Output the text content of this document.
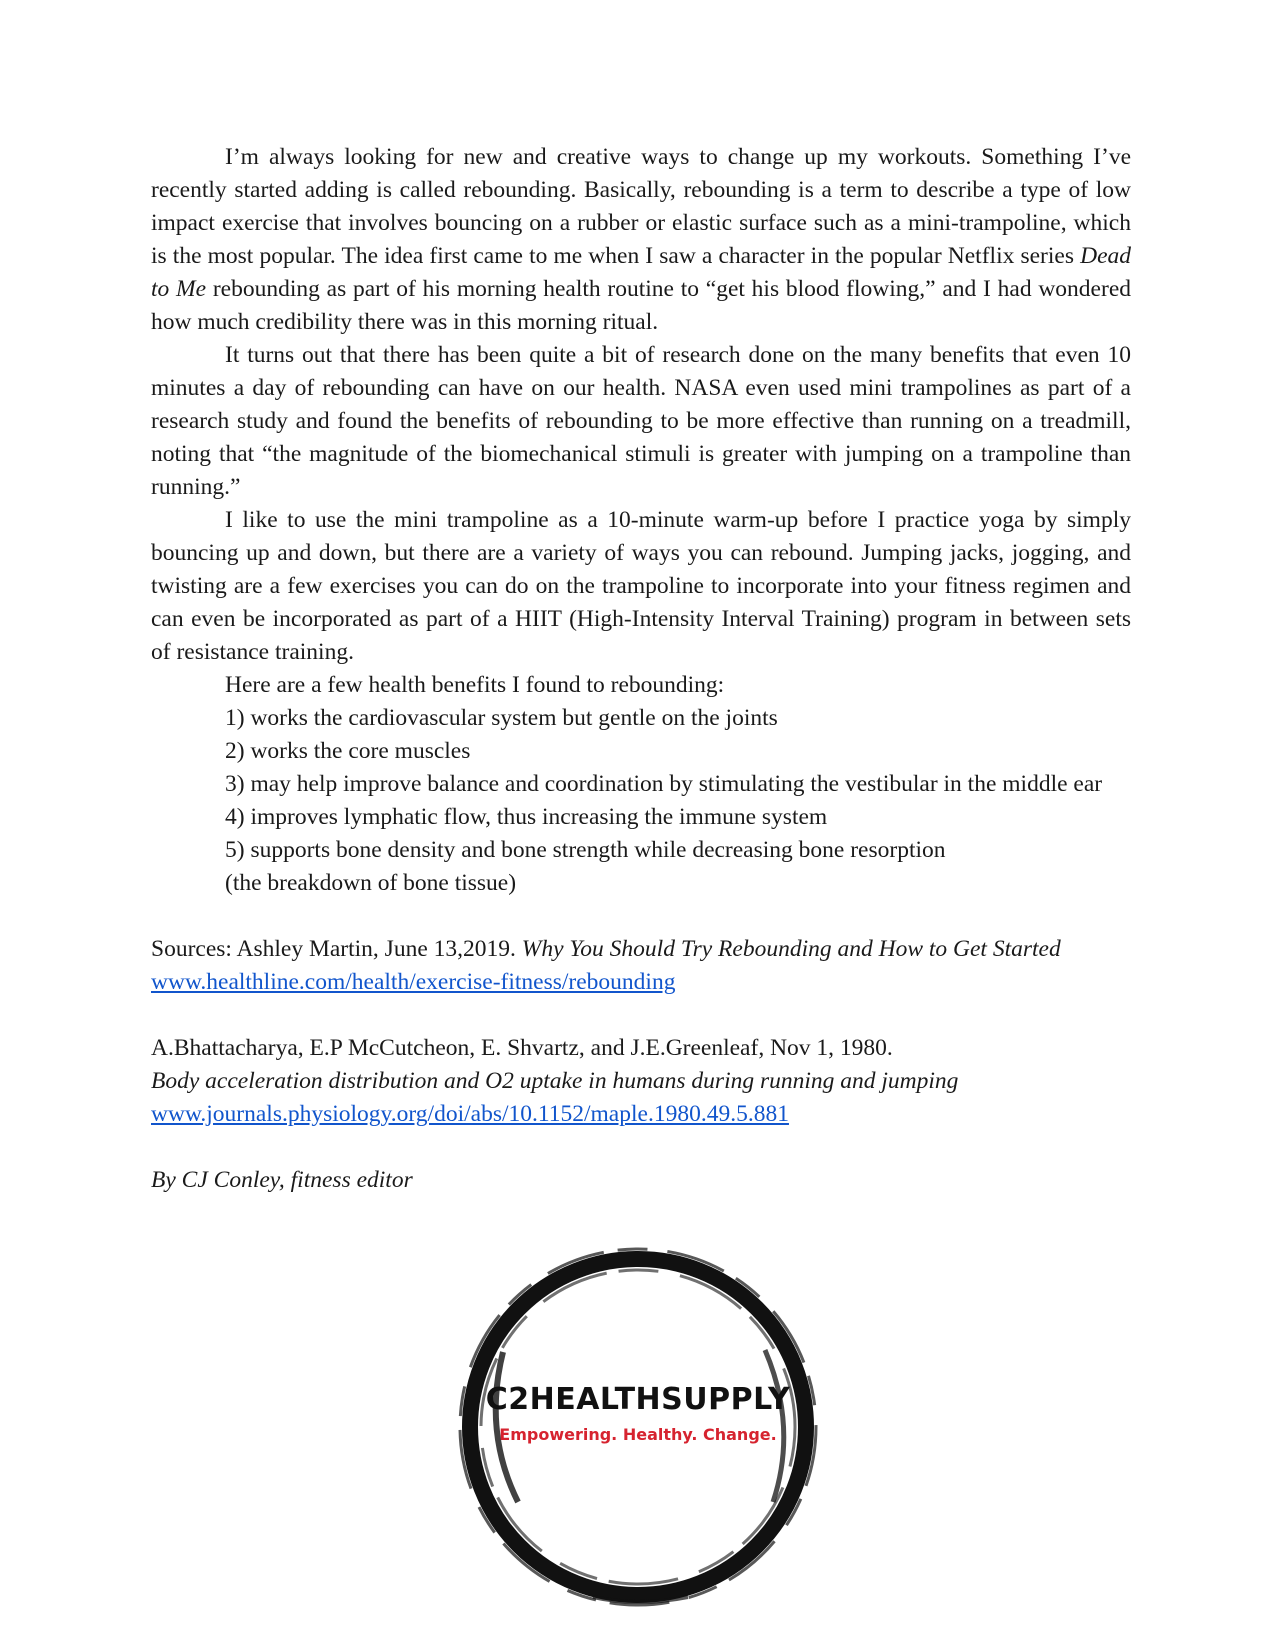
I’m always looking for new and creative ways to change up my workouts. Something I’ve recently started adding is called rebounding. Basically, rebounding is a term to describe a type of low impact exercise that involves bouncing on a rubber or elastic surface such as a mini-trampoline, which is the most popular. The idea first came to me when I saw a character in the popular Netflix series Dead to Me rebounding as part of his morning health routine to “get his blood flowing,” and I had wondered how much credibility there was in this morning ritual.

It turns out that there has been quite a bit of research done on the many benefits that even 10 minutes a day of rebounding can have on our health. NASA even used mini trampolines as part of a research study and found the benefits of rebounding to be more effective than running on a treadmill, noting that “the magnitude of the biomechanical stimuli is greater with jumping on a trampoline than running.”

I like to use the mini trampoline as a 10-minute warm-up before I practice yoga by simply bouncing up and down, but there are a variety of ways you can rebound. Jumping jacks, jogging, and twisting are a few exercises you can do on the trampoline to incorporate into your fitness regimen and can even be incorporated as part of a HIIT (High-Intensity Interval Training) program in between sets of resistance training.

Here are a few health benefits I found to rebounding:

1) works the cardiovascular system but gentle on the joints

2) works the core muscles

3) may help improve balance and coordination by stimulating the vestibular in the middle ear

4) improves lymphatic flow, thus increasing the immune system

5) supports bone density and bone strength while decreasing bone resorption

(the breakdown of bone tissue)

Sources: Ashley Martin, June 13,2019. Why You Should Try Rebounding and How to Get Started

www.healthline.com/health/exercise-fitness/rebounding

A.Bhattacharya, E.P McCutcheon, E. Shvartz, and J.E.Greenleaf, Nov 1, 1980.

Body acceleration distribution and O2 uptake in humans during running and jumping

www.journals.physiology.org/doi/abs/10.1152/maple.1980.49.5.881

By CJ Conley, fitness editor

C2HEALTHSUPPLY
Empowering. Healthy. Change.
